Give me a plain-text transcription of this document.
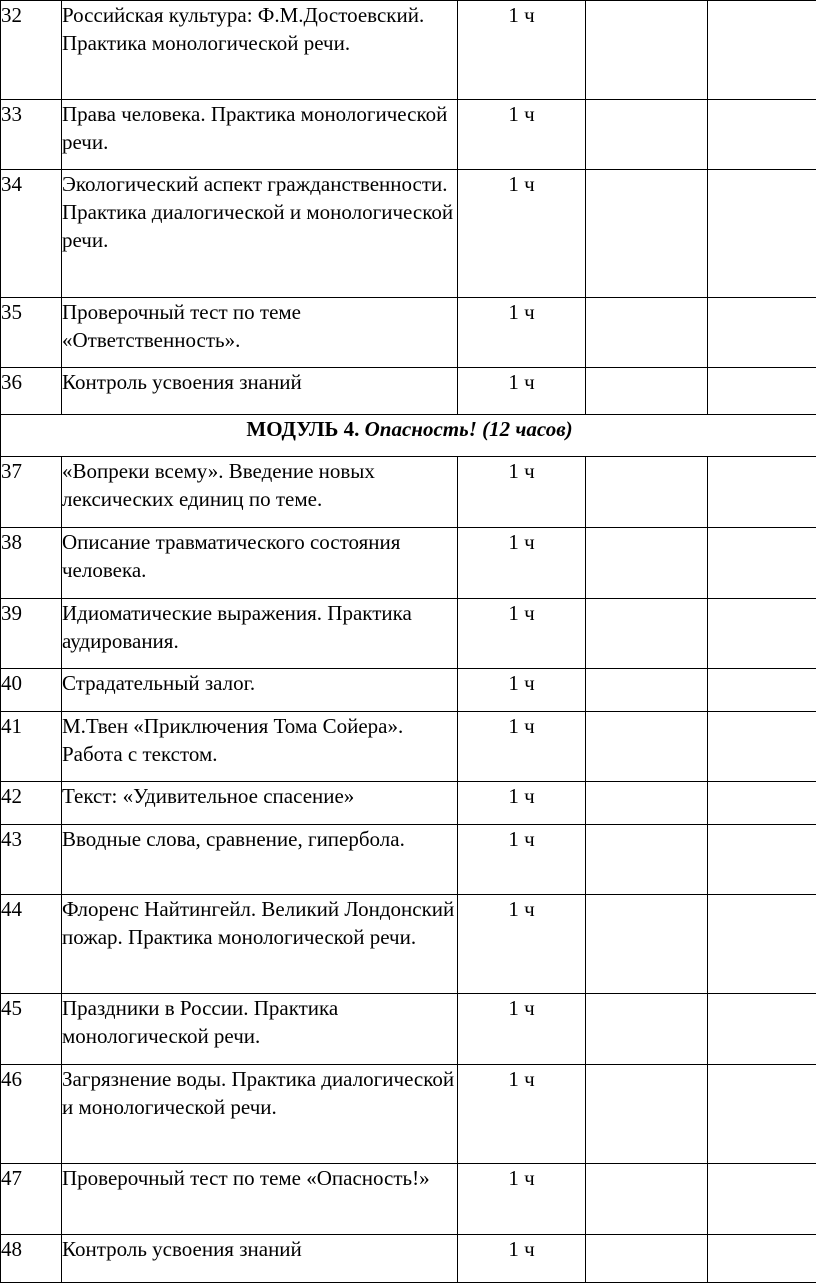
32	Российская культура: Ф.М.Достоевский. Практика монологической речи.	1 ч		
33	Права человека. Практика монологической речи.	1 ч		
34	Экологический аспект гражданственности. Практика диалогической и монологической речи.	1 ч		
35	Проверочный тест по теме «Ответственность».	1 ч		
36	Контроль усвоения знаний	1 ч		
МОДУЛЬ 4. Опасность! (12 часов)				
37	«Вопреки всему». Введение новых лексических единиц по теме.	1 ч		
38	Описание травматического состояния человека.	1 ч		
39	Идиоматические выражения. Практика аудирования.	1 ч		
40	Страдательный залог.	1 ч		
41	М.Твен «Приключения Тома Сойера». Работа с текстом.	1 ч		
42	Текст: «Удивительное спасение»	1 ч		
43	Вводные слова, сравнение, гипербола.	1 ч		
44	Флоренс Найтингейл. Великий Лондонский пожар. Практика монологической речи.	1 ч		
45	Праздники в России. Практика монологической речи.	1 ч		
46	Загрязнение воды. Практика диалогической и монологической речи.	1 ч		
47	Проверочный тест по теме «Опасность!»	1 ч		
48	Контроль усвоения знаний	1 ч		
